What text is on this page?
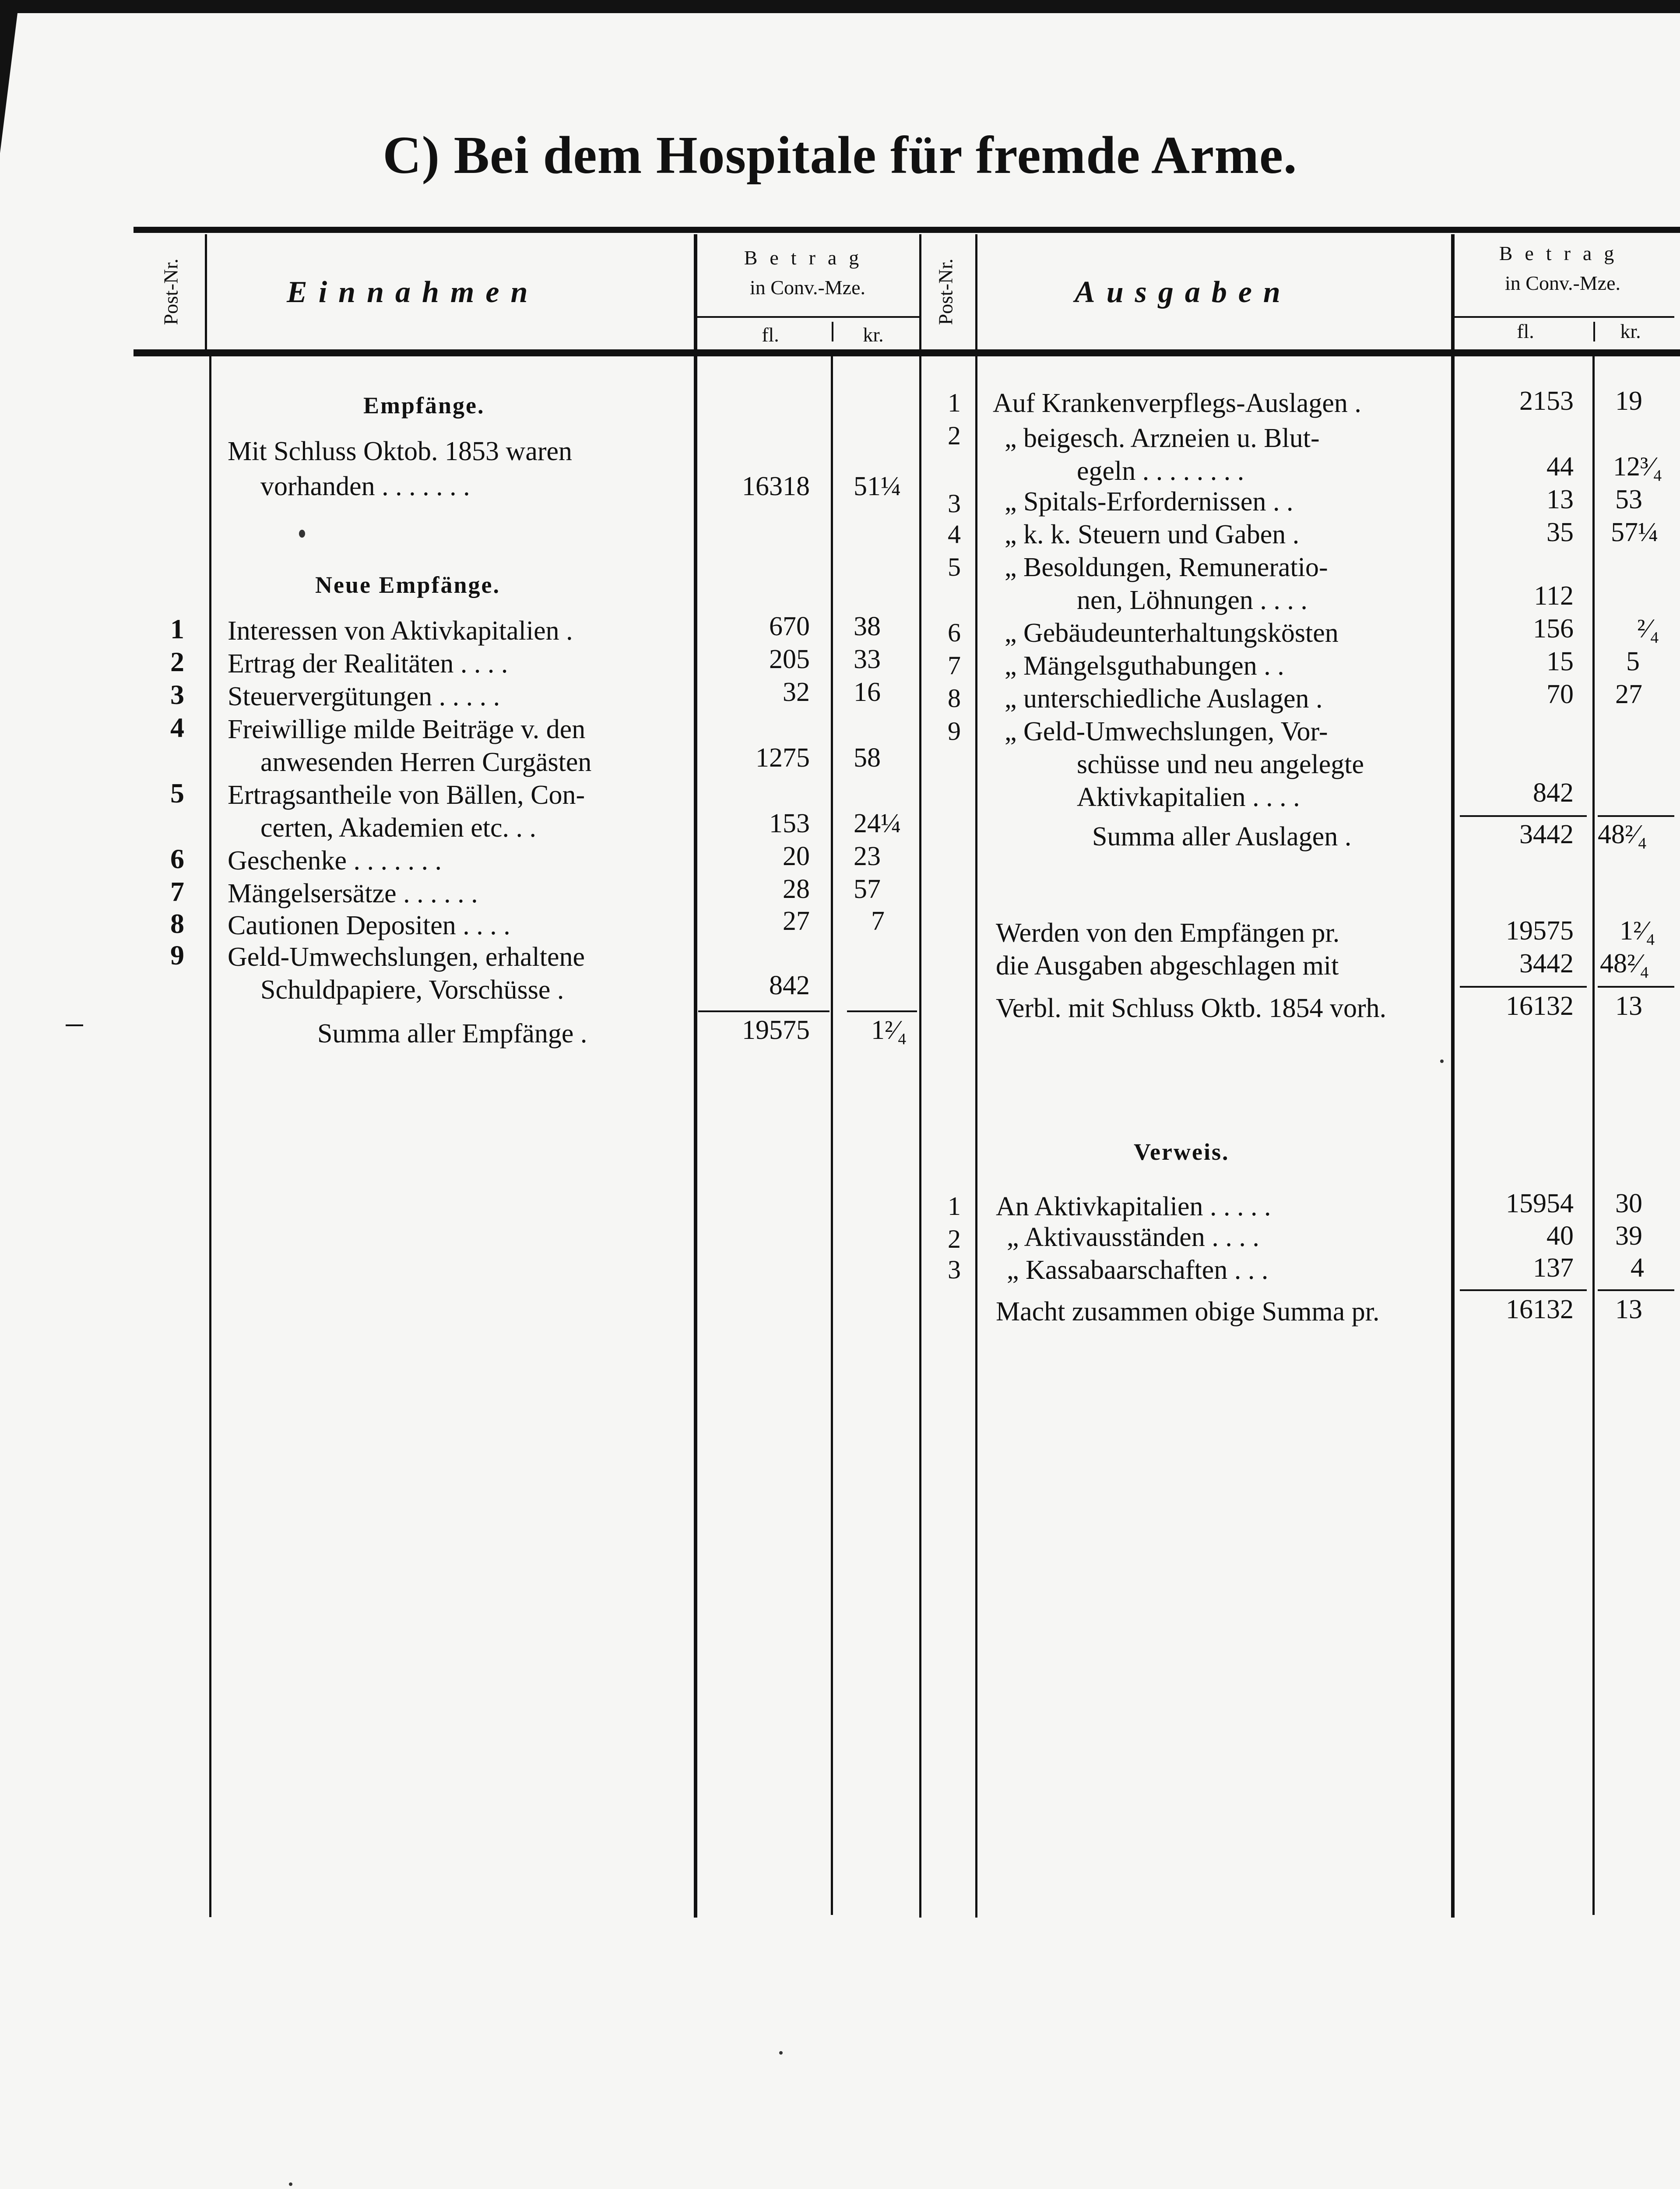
C) Bei dem Hospitale für fremde Arme.
Post-Nr.	Einnahmen
Betrag
in Conv.-Mze.
fl.	kr.
Post-Nr.	Ausgaben
Betrag
in Conv.-Mze.
fl.	kr.
Empfänge.
Mit Schluss Oktob. 1853 waren
vorhanden . . . . . . .	16318	51¼
Neue Empfänge.
1	Interessen von Aktivkapitalien .	670 38
2	Ertrag der Realitäten . . . .	205 33
3	Steuervergütungen . . . . .	32 16
4	Freiwillige milde Beiträge v. den
anwesenden Herren Curgästen	1275 58
5	Ertragsantheile von Bällen, Con-
certen, Akademien etc. . .	153 24¼
6	Geschenke . . . . . . .	20 23
7	Mängelsersätze . . . . . .	28 57
8	Cautionen Depositen . . . .	27 7
9	Geld-Umwechslungen, erhaltene
Schuldpapiere, Vorschüsse .	842
Summa aller Empfänge .	19575 1²⁄₄
1	Auf Krankenverpflegs-Auslagen .	2153 19
2	„ beigesch. Arzneien u. Blut-
egeln . . . . . . . .	44 12³⁄₄
3	„ Spitals-Erfordernissen . .	13 53
4	„ k. k. Steuern und Gaben .	35 57¼
5	„ Besoldungen, Remuneratio-
nen, Löhnungen . . . .	112
6	„ Gebäudeunterhaltungskösten	156 ²⁄₄
7	„ Mängelsguthabungen . .	15 5
8	„ unterschiedliche Auslagen .	70 27
9	„ Geld-Umwechslungen, Vor-
schüsse und neu angelegte
Aktivkapitalien . . . .	842
Summa aller Auslagen .	3442 48²⁄₄
Werden von den Empfängen pr.	19575 1²⁄₄
die Ausgaben abgeschlagen mit	3442 48²⁄₄
Verbl. mit Schluss Oktb. 1854 vorh.	16132 13
Verweis.
1	An Aktivkapitalien . . . . .	15954 30
2	„ Aktivausständen . . . .	40 39
3	„ Kassabaarschaften . . .	137 4
Macht zusammen obige Summa pr.	16132 13
